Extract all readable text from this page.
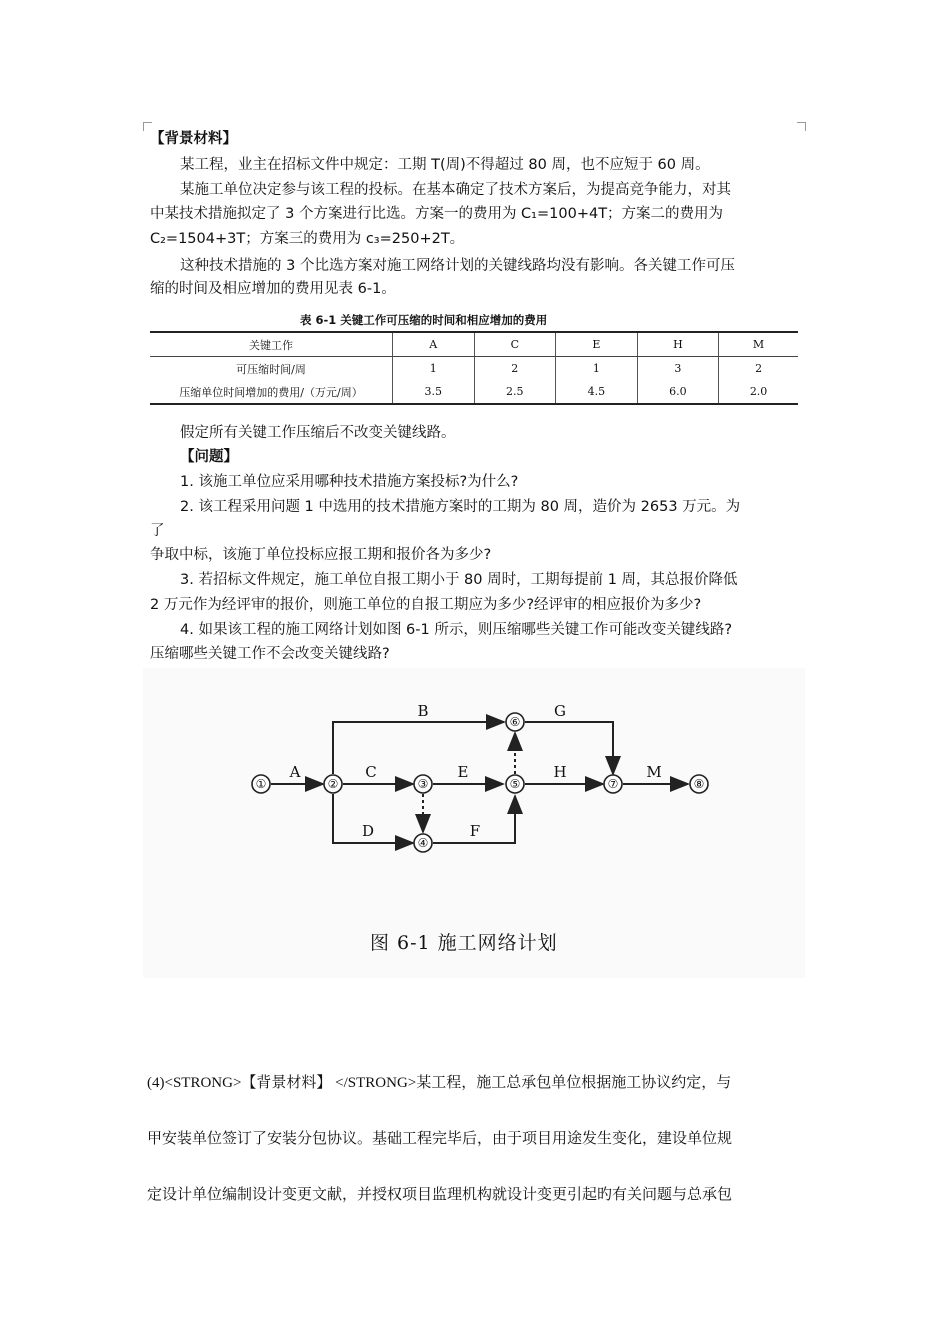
【背景材料】
某工程，业主在招标文件中规定：工期 T(周)不得超过 80 周，也不应短于 60 周。
某施工单位决定参与该工程的投标。在基本确定了技术方案后，为提高竞争能力，对其
中某技术措施拟定了 3 个方案进行比选。方案一的费用为 C₁=100+4T；方案二的费用为
C₂=1504+3T；方案三的费用为 c₃=250+2T。
这种技术措施的 3 个比选方案对施工网络计划的关键线路均没有影响。各关键工作可压
缩的时间及相应增加的费用见表 6-1。
表 6-1 关键工作可压缩的时间和相应增加的费用
关键工作	A	C	E	H	M
可压缩时间/周	1	2	1	3	2
压缩单位时间增加的费用/（万元/周）	3.5	2.5	4.5	6.0	2.0
假定所有关键工作压缩后不改变关键线路。
【问题】
1. 该施工单位应采用哪种技术措施方案投标?为什么?
2. 该工程采用问题 1 中选用的技术措施方案时的工期为 80 周，造价为 2653 万元。为
了
争取中标，该施丁单位投标应报工期和报价各为多少?
3. 若招标文件规定，施工单位自报工期小于 80 周时，工期每提前 1 周，其总报价降低
2 万元作为经评审的报价，则施工单位的自报工期应为多少?经评审的相应报价为多少?
4. 如果该工程的施工网络计划如图 6-1 所示，则压缩哪些关键工作可能改变关键线路?
压缩哪些关键工作不会改变关键线路?
①	②	③
④
⑤
⑥
⑦	⑧
A
B
C
D
E
F
G
H	M
图 6-1 施工网络计划
(4)<STRONG>【背景材料】 </STRONG>某工程，施工总承包单位根据施工协议约定，与
甲安装单位签订了安装分包协议。基础工程完毕后，由于项目用途发生变化，建设单位规
定设计单位编制设计变更文献，并授权项目监理机构就设计变更引起旳有关问题与总承包
